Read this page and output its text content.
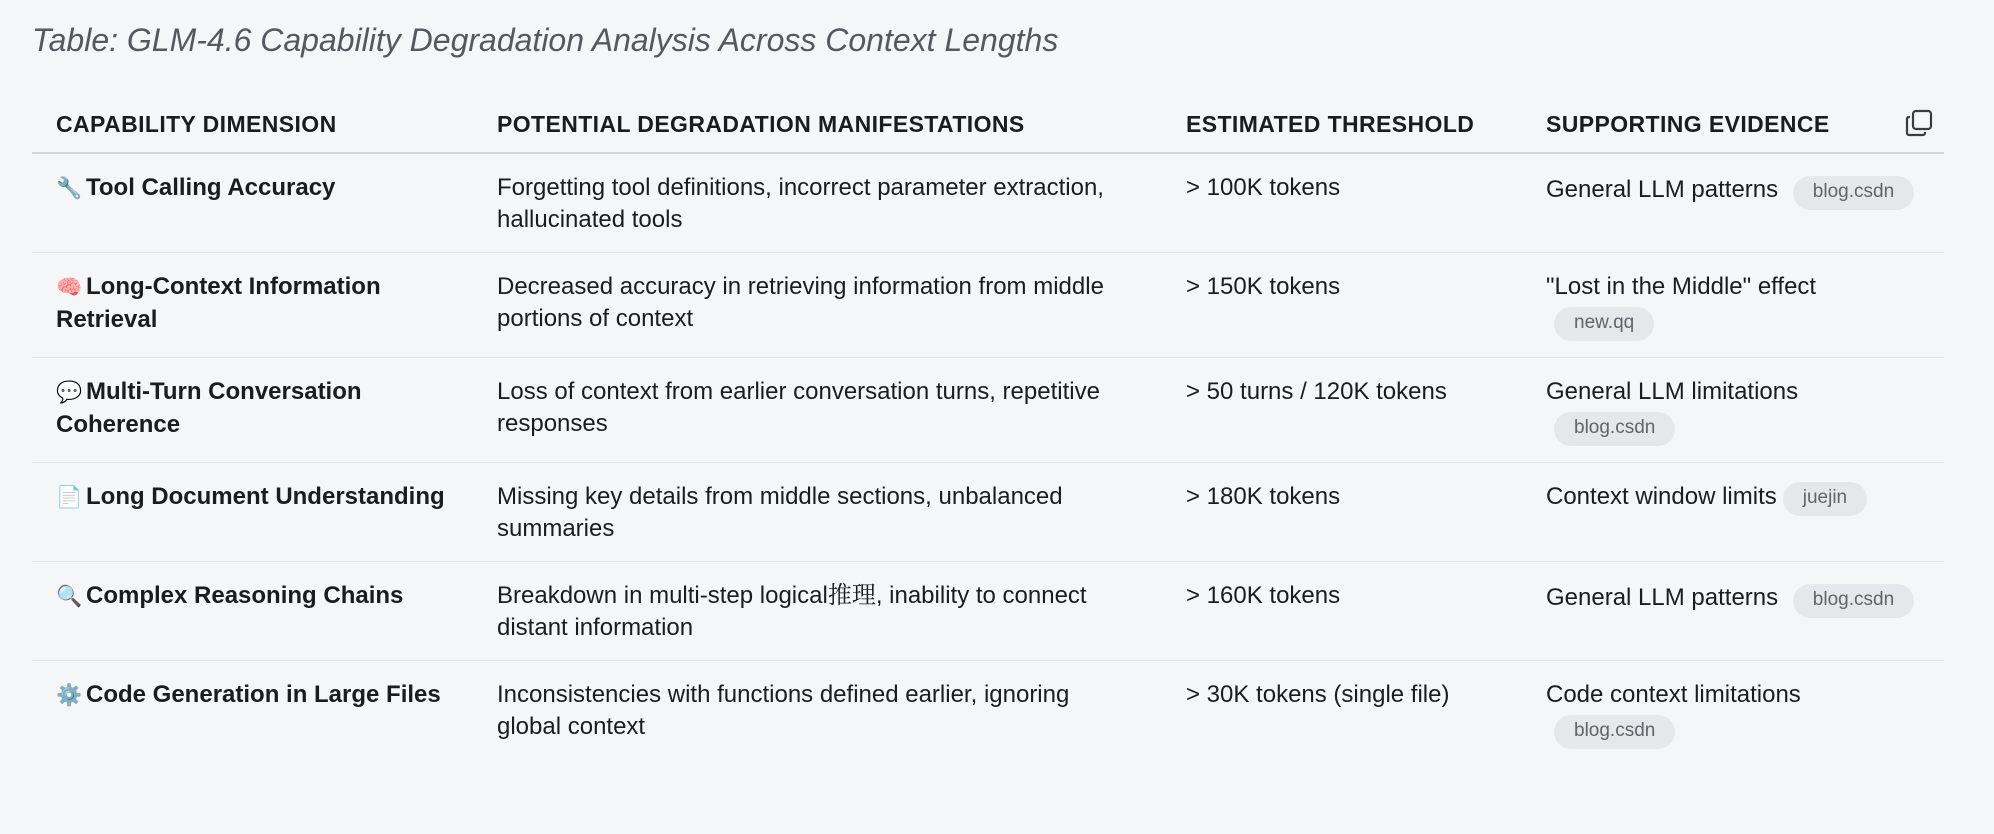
Table: GLM-4.6 Capability Degradation Analysis Across Context Lengths
CAPABILITY DIMENSION	POTENTIAL DEGRADATION MANIFESTATIONS	ESTIMATED THRESHOLD	SUPPORTING EVIDENCE

🔧 Tool Calling Accuracy	Forgetting tool definitions, incorrect parameter extraction, hallucinated tools	> 100K tokens	General LLM patterns blog.csdn
🧠 Long-Context Information Retrieval	Decreased accuracy in retrieving information from middle portions of context	> 150K tokens	"Lost in the Middle" effect new.qq
💬 Multi-Turn Conversation Coherence	Loss of context from earlier conversation turns, repetitive responses	> 50 turns / 120K tokens	General LLM limitations blog.csdn
📄 Long Document Understanding	Missing key details from middle sections, unbalanced summaries	> 180K tokens	Context window limits juejin
🔍 Complex Reasoning Chains	Breakdown in multi-step logical推理, inability to connect distant information	> 160K tokens	General LLM patterns blog.csdn
⚙️ Code Generation in Large Files	Inconsistencies with functions defined earlier, ignoring global context	> 30K tokens (single file)	Code context limitations blog.csdn
